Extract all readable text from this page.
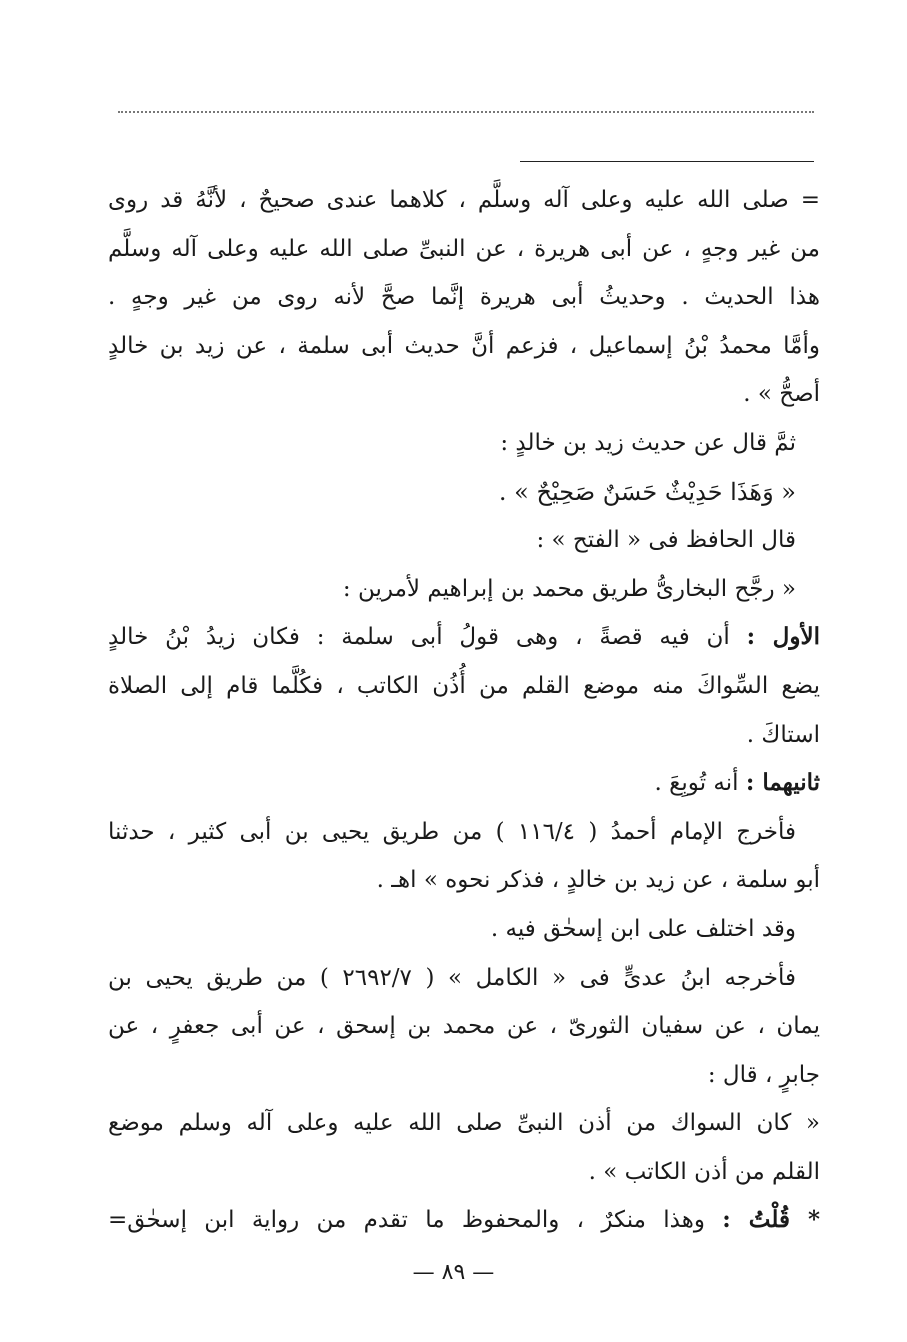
= صلى الله عليه وعلى آله وسلَّم ، كلاهما عندى صحيحٌ ، لأنَّهُ قد روى
من غير وجهٍ ، عن أبى هريرة ، عن النبىِّ صلى الله عليه وعلى آله وسلَّم
هذا الحديث . وحديثُ أبى هريرة إنَّما صحَّ لأنه روى من غير وجهٍ .
وأمَّا محمدُ بْنُ إسماعيل ، فزعم أنَّ حديث أبى سلمة ، عن زيد بن خالدٍ
أصحُّ » .
ثمَّ قال عن حديث زيد بن خالدٍ :
« وَهَذَا حَدِيْثٌ حَسَنٌ صَحِيْحٌ » .
قال الحافظ فى « الفتح » :
« رجَّح البخارىُّ طريق محمد بن إبراهيم لأمرين :
الأول : أن فيه قصةً ، وهى قولُ أبى سلمة : فكان زيدُ بْنُ خالدٍ
يضع السِّواكَ منه موضع القلم من أُذُن الكاتب ، فكُلَّما قام إلى الصلاة
استاكَ .
ثانيهما : أنه تُوبِعَ .
فأخرج الإمام أحمدُ ( ١١٦/٤ ) من طريق يحيى بن أبى كثير ، حدثنا
أبو سلمة ، عن زيد بن خالدٍ ، فذكر نحوه » اهـ .
وقد اختلف على ابن إسحٰق فيه .
فأخرجه ابنُ عدىٍّ فى « الكامل » ( ٢٦٩٢/٧ ) من طريق يحيى بن
يمان ، عن سفيان الثورىّ ، عن محمد بن إسحق ، عن أبى جعفرٍ ، عن
جابرٍ ، قال :
« كان السواك من أذن النبىِّ صلى الله عليه وعلى آله وسلم موضع
القلم من أذن الكاتب » .
* قُلْتُ : وهذا منكرٌ ، والمحفوظ ما تقدم من رواية ابن إسحٰق=
— ٨٩ —
